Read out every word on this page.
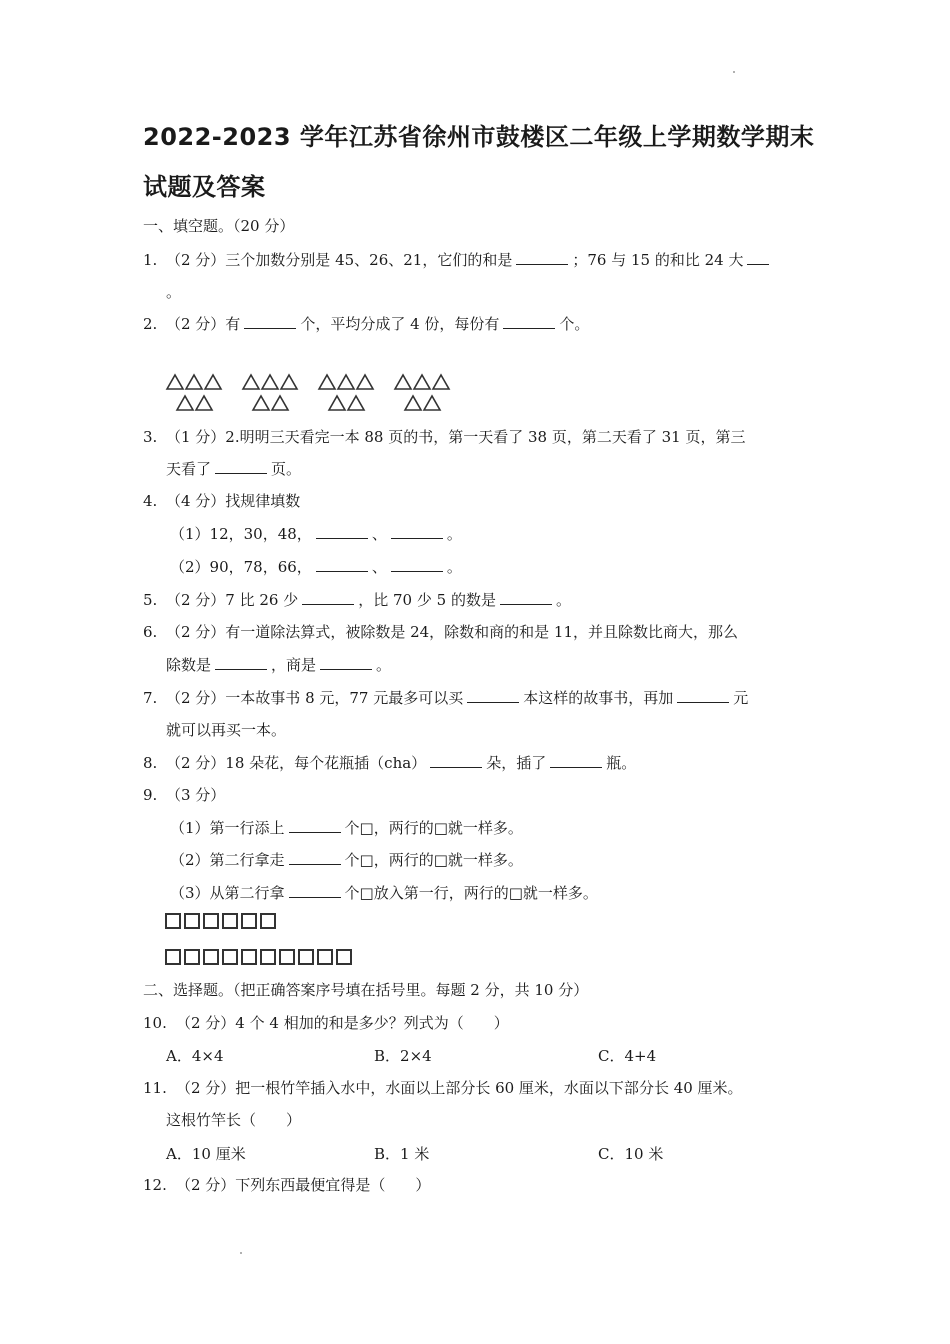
2022-2023 学年江苏省徐州市鼓楼区二年级上学期数学期末试题及答案
一、填空题。（20 分）
1. （2 分）三个加数分别是 45、26、21，它们的和是	；76 与 15 的和比 24 大
。
2. （2 分）有	个，平均分成了 4 份，每份有	个。
3. （1 分）2.明明三天看完一本 88 页的书，第一天看了 38 页，第二天看了 31 页，第三
天看了	页。
4. （4 分）找规律填数
（1）12，30，48，	、	。
（2）90，78，66，	、	。
5. （2 分）7 比 26 少	，比 70 少 5 的数是	。
6. （2 分）有一道除法算式，被除数是 24，除数和商的和是 11，并且除数比商大，那么
除数是	，商是	。
7. （2 分）一本故事书 8 元，77 元最多可以买	本这样的故事书，再加	元
就可以再买一本。
8. （2 分）18 朵花，每个花瓶插（cha）	朵，插了	瓶。
9. （3 分）
（1）第一行添上	个□，两行的□就一样多。
（2）第二行拿走	个□，两行的□就一样多。
（3）从第二行拿	个□放入第一行，两行的□就一样多。
二、选择题。（把正确答案序号填在括号里。每题 2 分，共 10 分）
10. （2 分）4 个 4 相加的和是多少？列式为（　　）
A．4×4	B．2×4	C．4+4
11. （2 分）把一根竹竿插入水中，水面以上部分长 60 厘米，水面以下部分长 40 厘米。
这根竹竿长（　　）
A．10 厘米	B．1 米	C．10 米
12. （2 分）下列东西最便宜得是（　　）
